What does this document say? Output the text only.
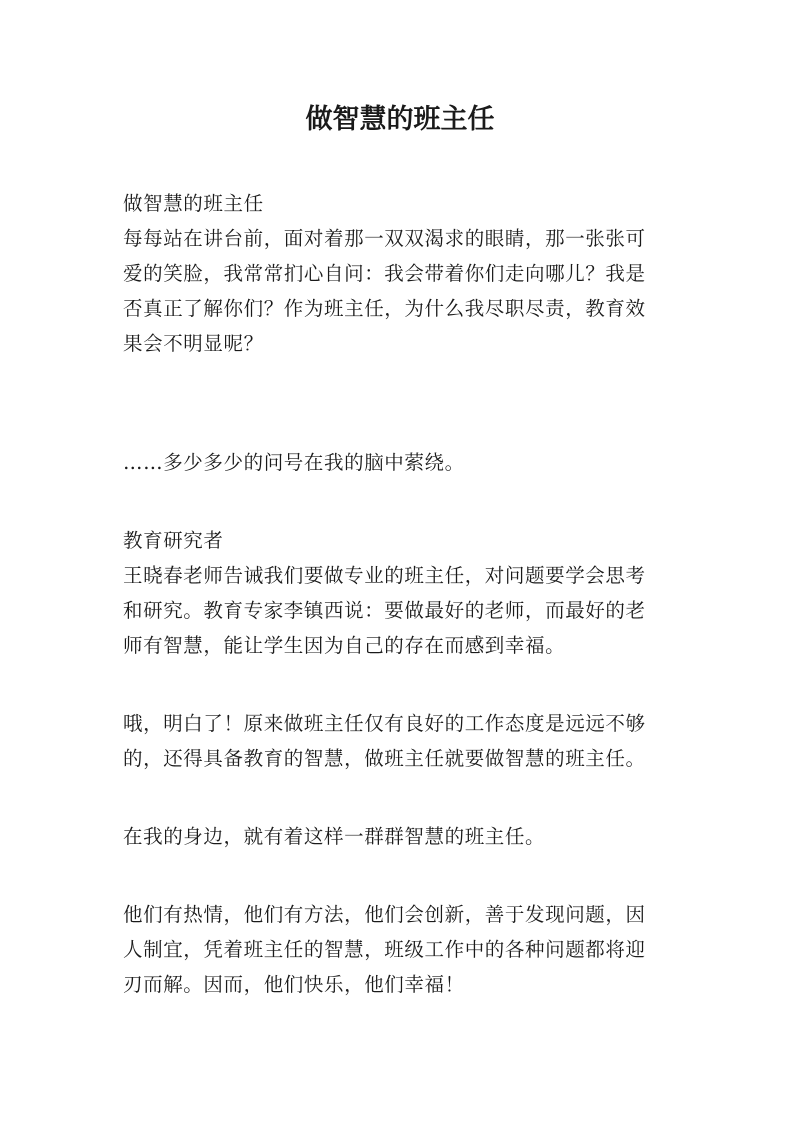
做智慧的班主任
做智慧的班主任
每每站在讲台前，面对着那一双双渴求的眼睛，那一张张可
爱的笑脸，我常常扪心自问：我会带着你们走向哪儿？我是
否真正了解你们？作为班主任，为什么我尽职尽责，教育效
果会不明显呢？
……多少多少的问号在我的脑中萦绕。
教育研究者
王晓春老师告诫我们要做专业的班主任，对问题要学会思考
和研究。教育专家李镇西说：要做最好的老师，而最好的老
师有智慧，能让学生因为自己的存在而感到幸福。
哦，明白了！原来做班主任仅有良好的工作态度是远远不够
的，还得具备教育的智慧，做班主任就要做智慧的班主任。
在我的身边，就有着这样一群群智慧的班主任。
他们有热情，他们有方法，他们会创新，善于发现问题，因
人制宜，凭着班主任的智慧，班级工作中的各种问题都将迎
刃而解。因而，他们快乐，他们幸福！
